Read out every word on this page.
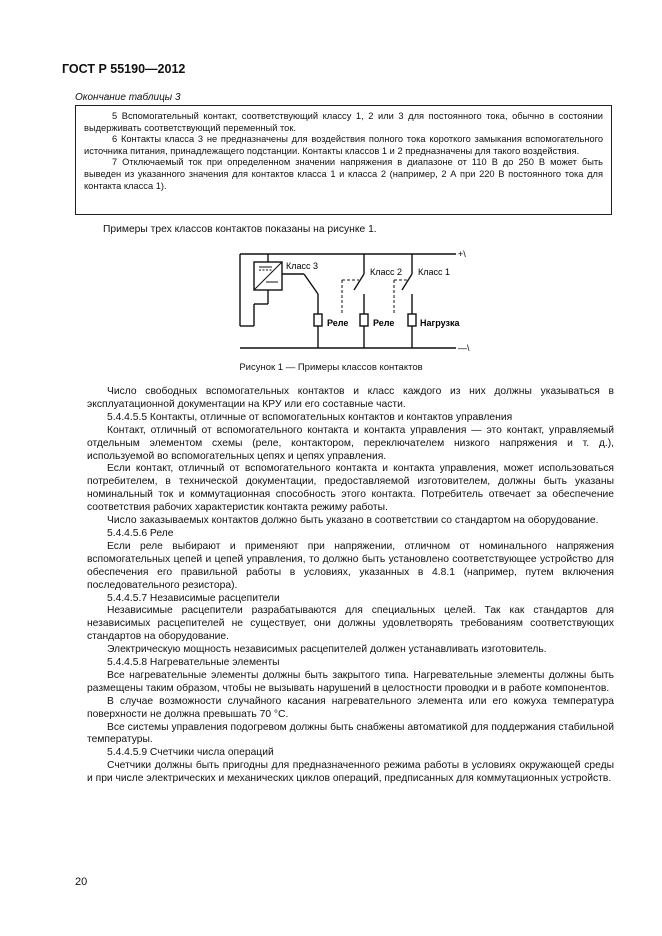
ГОСТ Р 55190—2012
Окончание таблицы 3

5 Вспомогательный контакт, соответствующий классу 1, 2 или 3 для постоянного тока, обычно в состоянии выдерживать соответствующий переменный ток.

6 Контакты класса 3 не предназначены для воздействия полного тока короткого замыкания вспомогательного источника питания, принадлежащего подстанции. Контакты классов 1 и 2 предназначены для такого воздействия.

7 Отключаемый ток при определенном значении напряжения в диапазоне от 110 В до 250 В может быть выведен из указанного значения для контактов класса 1 и класса 2 (например, 2 А при 220 В постоянного тока для контакта класса 1).

Примеры трех классов контактов показаны на рисунке 1.
+\
—\
Класс 3
Реле
Класс 2
Реле
Класс 1
Нагрузка
Рисунок 1 — Примеры классов контактов

Число свободных вспомогательных контактов и класс каждого из них должны указываться в эксплуатационной документации на КРУ или его составные части.

5.4.4.5.5 Контакты, отличные от вспомогательных контактов и контактов управления

Контакт, отличный от вспомогательного контакта и контакта управления — это контакт, управляемый отдельным элементом схемы (реле, контактором, переключателем низкого напряжения и т. д.), используемой во вспомогательных цепях и цепях управления.

Если контакт, отличный от вспомогательного контакта и контакта управления, может использоваться потребителем, в технической документации, предоставляемой изготовителем, должны быть указаны номинальный ток и коммутационная способность этого контакта. Потребитель отвечает за обеспечение соответствия рабочих характеристик контакта режиму работы.

Число заказываемых контактов должно быть указано в соответствии со стандартом на оборудование.

5.4.4.5.6 Реле

Если реле выбирают и применяют при напряжении, отличном от номинального напряжения вспомогательных цепей и цепей управления, то должно быть установлено соответствующее устройство для обеспечения его правильной работы в условиях, указанных в 4.8.1 (например, путем включения последовательного резистора).

5.4.4.5.7 Независимые расцепители

Независимые расцепители разрабатываются для специальных целей. Так как стандартов для независимых расцепителей не существует, они должны удовлетворять требованиям соответствующих стандартов на оборудование.

Электрическую мощность независимых расцепителей должен устанавливать изготовитель.

5.4.4.5.8 Нагревательные элементы

Все нагревательные элементы должны быть закрытого типа. Нагревательные элементы должны быть размещены таким образом, чтобы не вызывать нарушений в целостности проводки и в работе компонентов.

В случае возможности случайного касания нагревательного элемента или его кожуха температура поверхности не должна превышать 70 °С.

Все системы управления подогревом должны быть снабжены автоматикой для поддержания стабильной температуры.

5.4.4.5.9 Счетчики числа операций

Счетчики должны быть пригодны для предназначенного режима работы в условиях окружающей среды и при числе электрических и механических циклов операций, предписанных для коммутационных устройств.

20
